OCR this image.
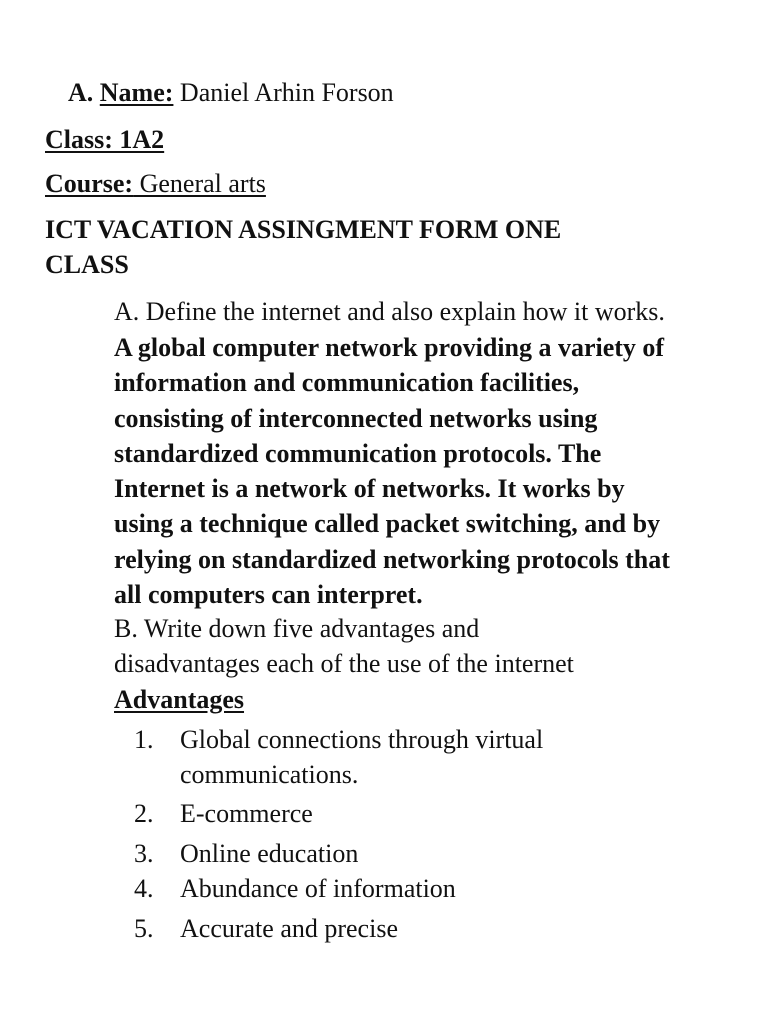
A. Name: Daniel Arhin Forson
Class: 1A2
Course: General arts
ICT VACATION ASSINGMENT FORM ONE
CLASS
A. Define the internet and also explain how it works.
A global computer network providing a variety of
information and communication facilities,
consisting of interconnected networks using
standardized communication protocols. The
Internet is a network of networks. It works by
using a technique called packet switching, and by
relying on standardized networking protocols that
all computers can interpret.
B. Write down five advantages and
disadvantages each of the use of the internet
Advantages
1. Global connections through virtual
communications.
2. E-commerce
3. Online education
4. Abundance of information
5. Accurate and precise
